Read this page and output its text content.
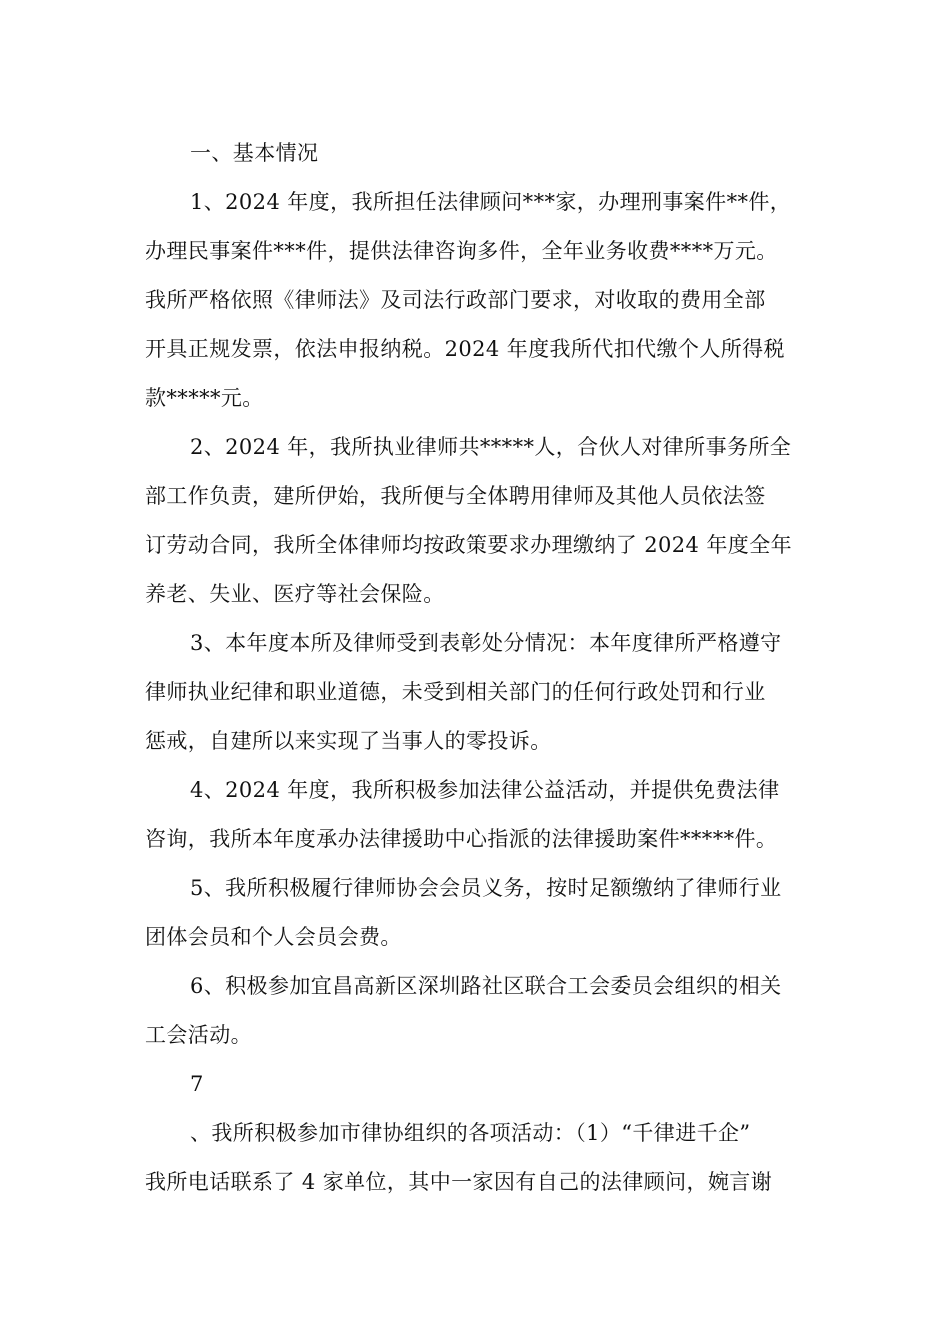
一、基本情况
1、2024 年度，我所担任法律顾问***家，办理刑事案件**件，
办理民事案件***件，提供法律咨询多件，全年业务收费****万元。
我所严格依照《律师法》及司法行政部门要求，对收取的费用全部
开具正规发票，依法申报纳税。2024 年度我所代扣代缴个人所得税
款*****元。
2、2024 年，我所执业律师共*****人，合伙人对律所事务所全
部工作负责，建所伊始，我所便与全体聘用律师及其他人员依法签
订劳动合同，我所全体律师均按政策要求办理缴纳了 2024 年度全年
养老、失业、医疗等社会保险。
3、本年度本所及律师受到表彰处分情况：本年度律所严格遵守
律师执业纪律和职业道德，未受到相关部门的任何行政处罚和行业
惩戒，自建所以来实现了当事人的零投诉。
4、2024 年度，我所积极参加法律公益活动，并提供免费法律
咨询，我所本年度承办法律援助中心指派的法律援助案件*****件。
5、我所积极履行律师协会会员义务，按时足额缴纳了律师行业
团体会员和个人会员会费。
6、积极参加宜昌高新区深圳路社区联合工会委员会组织的相关
工会活动。
7
、我所积极参加市律协组织的各项活动：（1）“千律进千企”
我所电话联系了 4 家单位，其中一家因有自己的法律顾问，婉言谢
